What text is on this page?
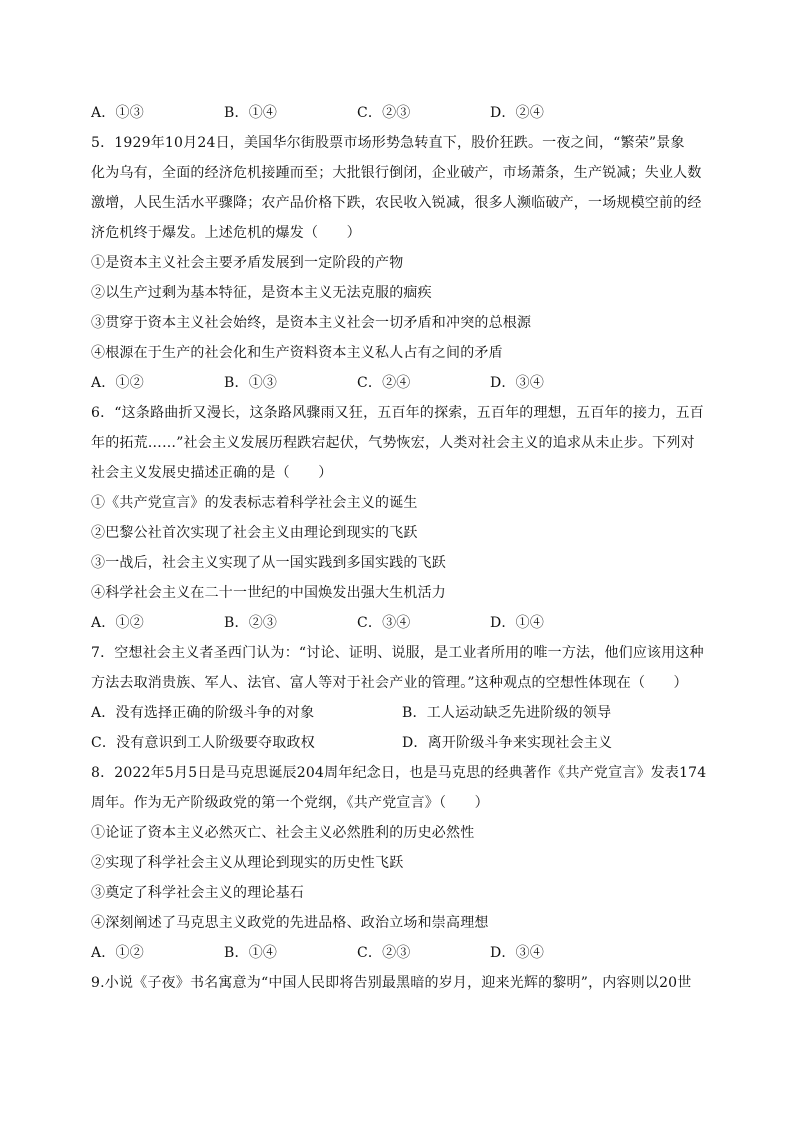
A．①③	B．①④	C．②③	D．②④
5．1929年10月24日，美国华尔街股票市场形势急转直下，股价狂跌。一夜之间，“繁荣”景象
化为乌有，全面的经济危机接踵而至；大批银行倒闭，企业破产，市场萧条，生产锐减；失业人数
激增，人民生活水平骤降；农产品价格下跌，农民收入锐减，很多人濒临破产，一场规模空前的经
济危机终于爆发。上述危机的爆发（　　）
①是资本主义社会主要矛盾发展到一定阶段的产物
②以生产过剩为基本特征，是资本主义无法克服的痼疾
③贯穿于资本主义社会始终，是资本主义社会一切矛盾和冲突的总根源
④根源在于生产的社会化和生产资料资本主义私人占有之间的矛盾
A．①②	B．①③	C．②④	D．③④
6．“这条路曲折又漫长，这条路风骤雨又狂，五百年的探索，五百年的理想，五百年的接力，五百
年的拓荒……”社会主义发展历程跌宕起伏，气势恢宏，人类对社会主义的追求从未止步。下列对
社会主义发展史描述正确的是（　　）
①《共产党宣言》的发表标志着科学社会主义的诞生
②巴黎公社首次实现了社会主义由理论到现实的飞跃
③一战后，社会主义实现了从一国实践到多国实践的飞跃
④科学社会主义在二十一世纪的中国焕发出强大生机活力
A．①②	B．②③	C．③④	D．①④
7．空想社会主义者圣西门认为：“讨论、证明、说服，是工业者所用的唯一方法，他们应该用这种
方法去取消贵族、军人、法官、富人等对于社会产业的管理。”这种观点的空想性体现在（　　）
A．没有选择正确的阶级斗争的对象	B．工人运动缺乏先进阶级的领导
C．没有意识到工人阶级要夺取政权	D．离开阶级斗争来实现社会主义
8．2022年5月5日是马克思诞辰204周年纪念日，也是马克思的经典著作《共产党宣言》发表174
周年。作为无产阶级政党的第一个党纲，《共产党宣言》（　　）
①论证了资本主义必然灭亡、社会主义必然胜利的历史必然性
②实现了科学社会主义从理论到现实的历史性飞跃
③奠定了科学社会主义的理论基石
④深刻阐述了马克思主义政党的先进品格、政治立场和崇高理想
A．①②	B．①④	C．②③	D．③④
9.小说《子夜》书名寓意为“中国人民即将告别最黑暗的岁月，迎来光辉的黎明”，内容则以20世
